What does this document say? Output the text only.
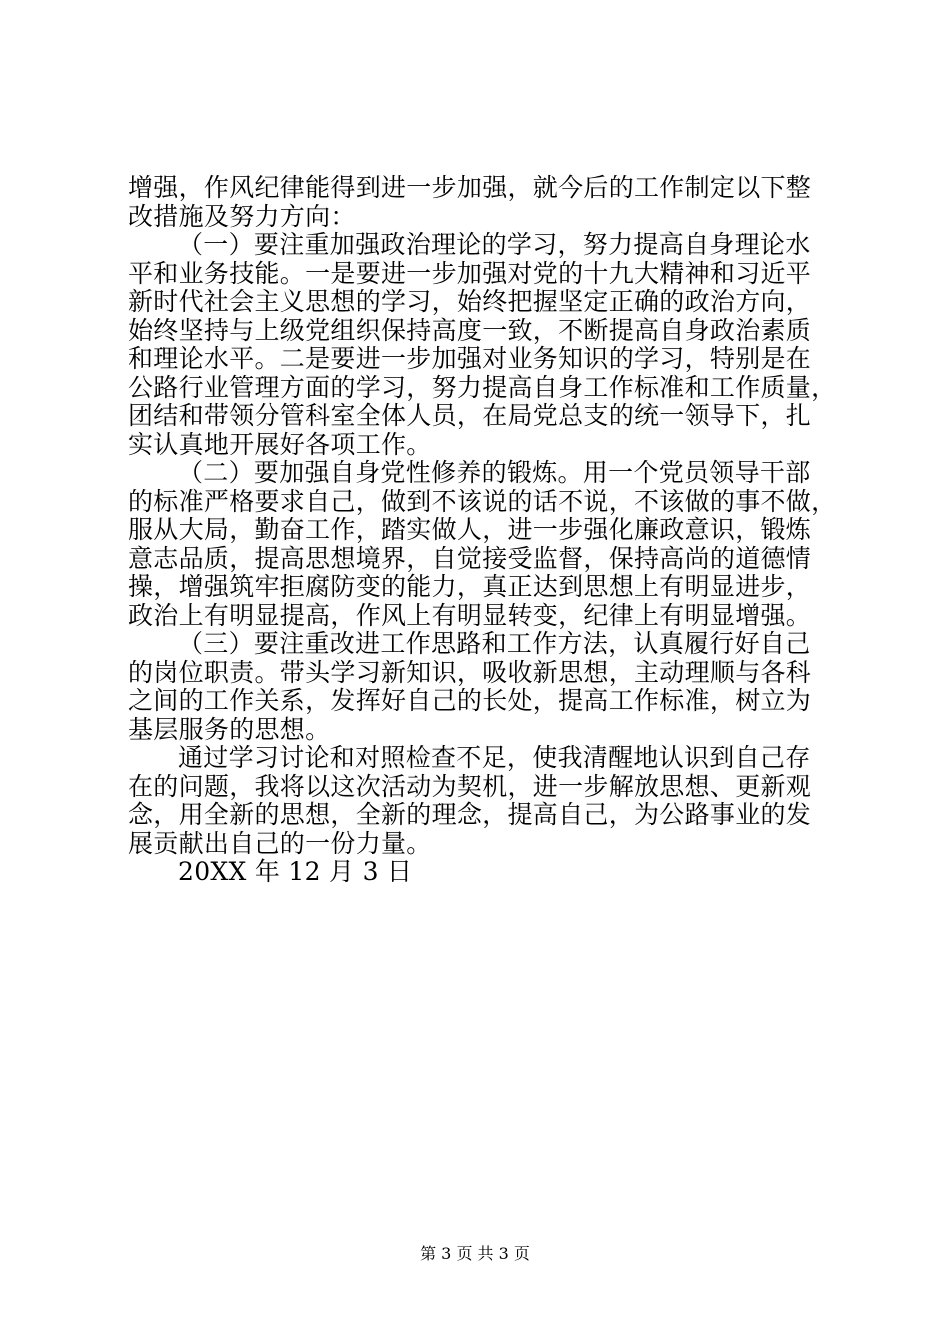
增强，作风纪律能得到进一步加强，就今后的工作制定以下整
改措施及努力方向：
（一）要注重加强政治理论的学习，努力提高自身理论水
平和业务技能。一是要进一步加强对党的十九大精神和习近平
新时代社会主义思想的学习，始终把握坚定正确的政治方向，
始终坚持与上级党组织保持高度一致，不断提高自身政治素质
和理论水平。二是要进一步加强对业务知识的学习，特别是在
公路行业管理方面的学习，努力提高自身工作标准和工作质量，
团结和带领分管科室全体人员，在局党总支的统一领导下，扎
实认真地开展好各项工作。
（二）要加强自身党性修养的锻炼。用一个党员领导干部
的标准严格要求自己，做到不该说的话不说，不该做的事不做，
服从大局，勤奋工作，踏实做人，进一步强化廉政意识，锻炼
意志品质，提高思想境界，自觉接受监督，保持高尚的道德情
操，增强筑牢拒腐防变的能力，真正达到思想上有明显进步，
政治上有明显提高，作风上有明显转变，纪律上有明显增强。
（三）要注重改进工作思路和工作方法，认真履行好自己
的岗位职责。带头学习新知识，吸收新思想，主动理顺与各科
之间的工作关系，发挥好自己的长处，提高工作标准，树立为
基层服务的思想。
通过学习讨论和对照检查不足，使我清醒地认识到自己存
在的问题，我将以这次活动为契机，进一步解放思想、更新观
念，用全新的思想，全新的理念，提高自己，为公路事业的发
展贡献出自己的一份力量。
20XX 年 12 月 3 日
第 3 页 共 3 页
